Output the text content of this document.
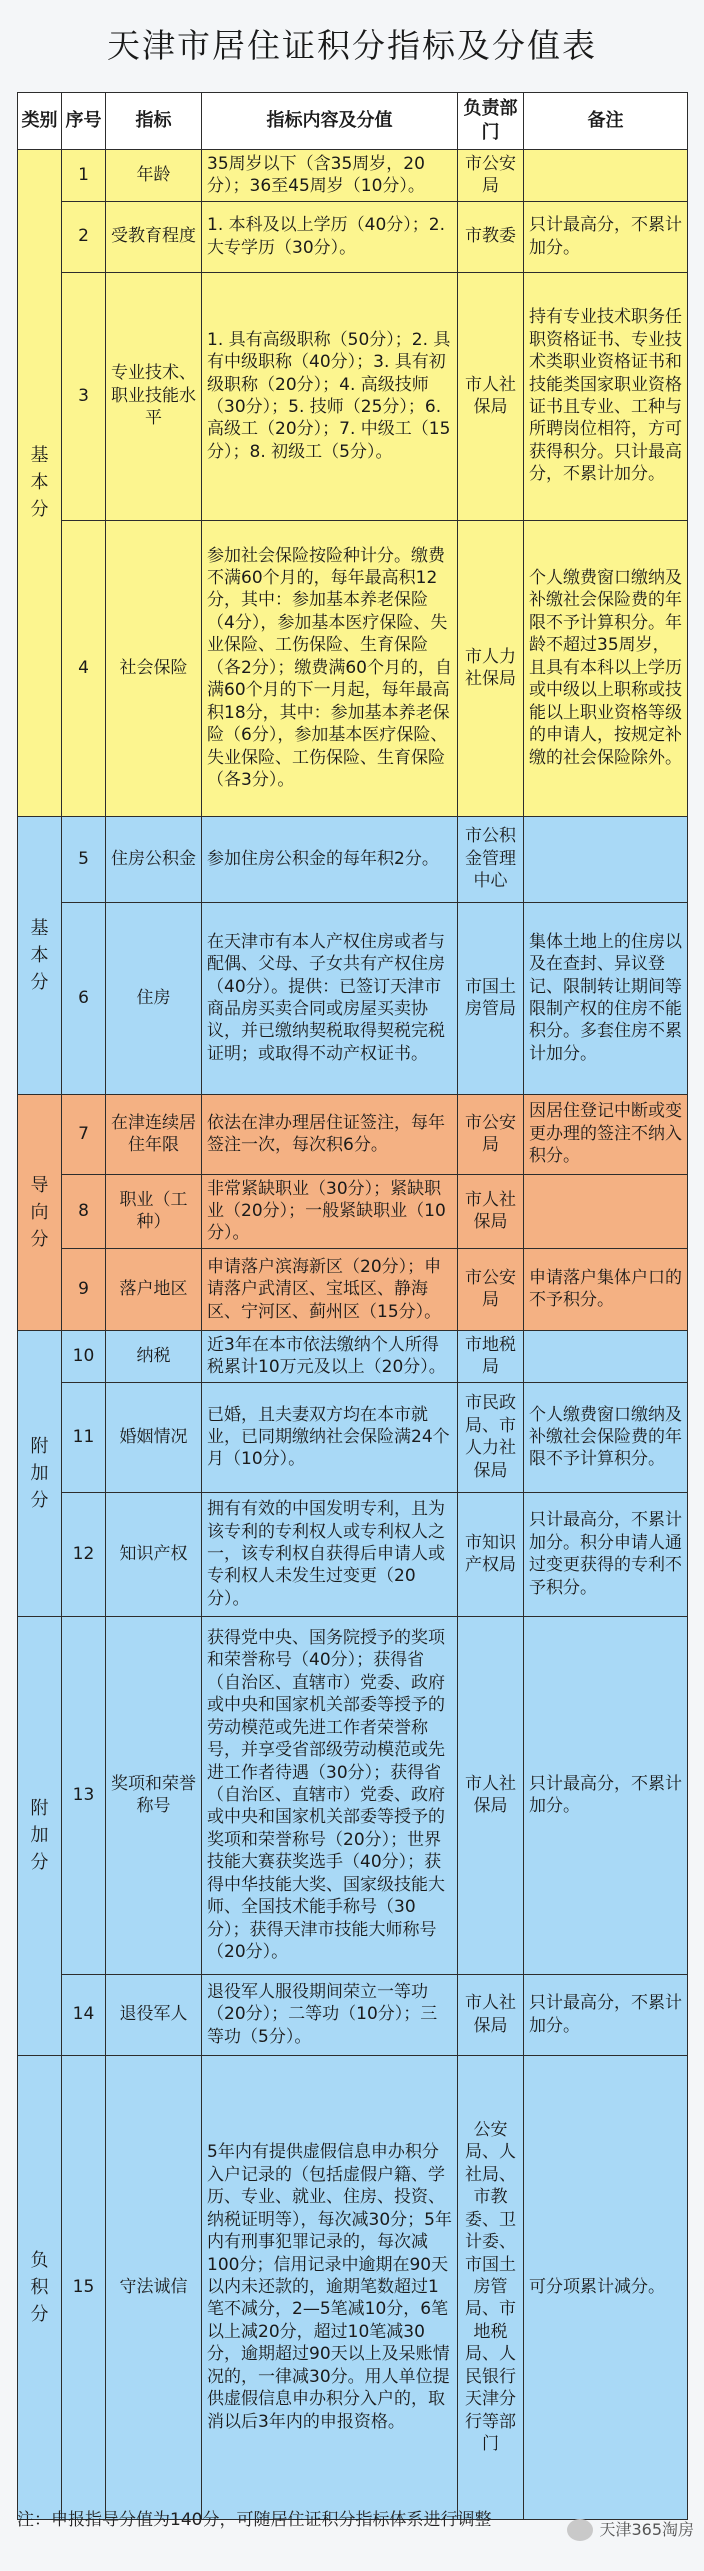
天津市居住证积分指标及分值表
类别	序号	指标	指标内容及分值	负责部门	备注
基本分	1	年龄	35周岁以下（含35周岁，20分）；36至45周岁（10分）。	市公安局	
	2	受教育程度	1. 本科及以上学历（40分）；2. 大专学历（30分）。	市教委	只计最高分，不累计加分。
	3	专业技术、职业技能水平	1. 具有高级职称（50分）；2. 具有中级职称（40分）；3. 具有初级职称（20分）；4. 高级技师（30分）；5. 技师（25分）；6. 高级工（20分）；7. 中级工（15分）；8. 初级工（5分）。	市人社保局	持有专业技术职务任职资格证书、专业技术类职业资格证书和技能类国家职业资格证书且专业、工种与所聘岗位相符，方可获得积分。只计最高分，不累计加分。
	4	社会保险	参加社会保险按险种计分。缴费不满60个月的，每年最高积12分，其中：参加基本养老保险（4分），参加基本医疗保险、失业保险、工伤保险、生育保险（各2分）；缴费满60个月的，自满60个月的下一月起，每年最高积18分，其中：参加基本养老保险（6分），参加基本医疗保险、失业保险、工伤保险、生育保险（各3分）。	市人力社保局	个人缴费窗口缴纳及补缴社会保险费的年限不予计算积分。年龄不超过35周岁，且具有本科以上学历或中级以上职称或技能以上职业资格等级的申请人，按规定补缴的社会保险除外。
基本分	5	住房公积金	参加住房公积金的每年积2分。	市公积金管理中心	
	6	住房	在天津市有本人产权住房或者与配偶、父母、子女共有产权住房（40分）。提供：已签订天津市商品房买卖合同或房屋买卖协议，并已缴纳契税取得契税完税证明；或取得不动产权证书。	市国土房管局	集体土地上的住房以及在查封、异议登记、限制转让期间等限制产权的住房不能积分。多套住房不累计加分。
导向分	7	在津连续居住年限	依法在津办理居住证签注，每年签注一次，每次积6分。	市公安局	因居住登记中断或变更办理的签注不纳入积分。
	8	职业（工种）	非常紧缺职业（30分）；紧缺职业（20分）；一般紧缺职业（10分）。	市人社保局	
	9	落户地区	申请落户滨海新区（20分）；申请落户武清区、宝坻区、静海区、宁河区、蓟州区（15分）。	市公安局	申请落户集体户口的不予积分。
附加分	10	纳税	近3年在本市依法缴纳个人所得税累计10万元及以上（20分）。	市地税局	
	11	婚姻情况	已婚，且夫妻双方均在本市就业，已同期缴纳社会保险满24个月（10分）。	市民政局、市人力社保局	个人缴费窗口缴纳及补缴社会保险费的年限不予计算积分。
	12	知识产权	拥有有效的中国发明专利，且为该专利的专利权人或专利权人之一，该专利权自获得后申请人或专利权人未发生过变更（20分）。	市知识产权局	只计最高分，不累计加分。积分申请人通过变更获得的专利不予积分。
附加分	13	奖项和荣誉称号	获得党中央、国务院授予的奖项和荣誉称号（40分）；获得省（自治区、直辖市）党委、政府或中央和国家机关部委等授予的劳动模范或先进工作者荣誉称号，并享受省部级劳动模范或先进工作者待遇（30分）；获得省（自治区、直辖市）党委、政府或中央和国家机关部委等授予的奖项和荣誉称号（20分）；世界技能大赛获奖选手（40分）；获得中华技能大奖、国家级技能大师、全国技术能手称号（30分）；获得天津市技能大师称号（20分）。	市人社保局	只计最高分，不累计加分。
	14	退役军人	退役军人服役期间荣立一等功（20分）；二等功（10分）；三等功（5分）。	市人社保局	只计最高分，不累计加分。
负积分	15	守法诚信	5年内有提供虚假信息申办积分入户记录的（包括虚假户籍、学历、专业、就业、住房、投资、纳税证明等），每次减30分；5年内有刑事犯罪记录的，每次减100分；信用记录中逾期在90天以内未还款的，逾期笔数超过1笔不减分，2—5笔减10分，6笔以上减20分，超过10笔减30分，逾期超过90天以上及呆账情况的，一律减30分。用人单位提供虚假信息申办积分入户的，取消以后3年内的申报资格。	公安局、人社局、市教委、卫计委、市国土房管局、市地税局、人民银行天津分行等部门	可分项累计减分。
注：申报指导分值为140分，可随居住证积分指标体系进行调整	天津365淘房
